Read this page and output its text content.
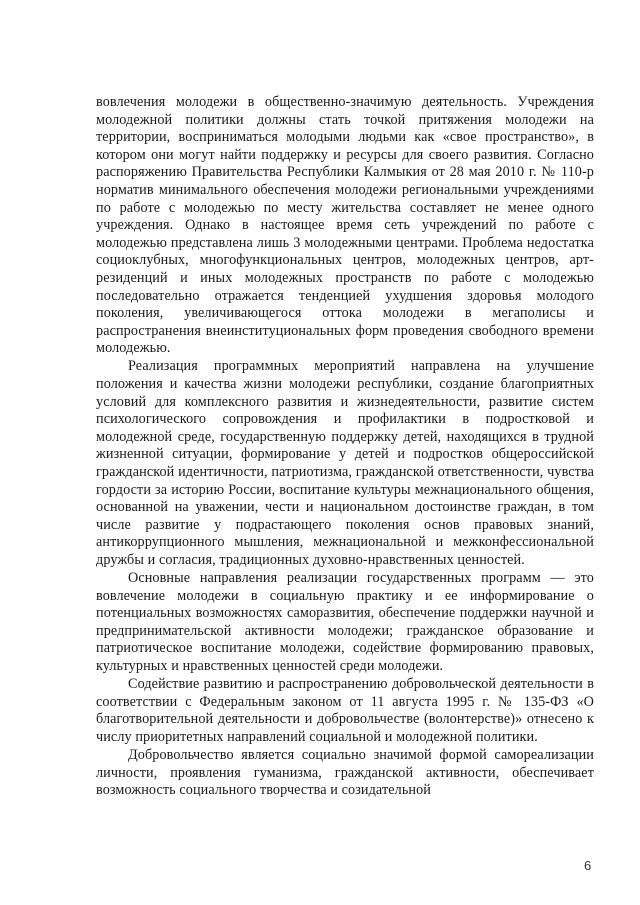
вовлечения молодежи в общественно-значимую деятельность. Учреждения молодежной политики должны стать точкой притяжения молодежи на территории, восприниматься молодыми людьми как «свое пространство», в котором они могут найти поддержку и ресурсы для своего развития. Согласно распоряжению Правительства Республики Калмыкия от 28 мая 2010 г. № 110-р норматив минимального обеспечения молодежи региональными учреждениями по работе с молодежью по месту жительства составляет не менее одного учреждения. Однако в настоящее время сеть учреждений по работе с молодежью представлена лишь 3 молодежными центрами. Проблема недостатка социоклубных, многофункциональных центров, молодежных центров, арт-резиденций и иных молодежных пространств по работе с молодежью последовательно отражается тенденцией ухудшения здоровья молодого поколения, увеличивающегося оттока молодежи в мегаполисы и распространения внеинституциональных форм проведения свободного времени молодежью.

Реализация программных мероприятий направлена на улучшение положения и качества жизни молодежи республики, создание благоприятных условий для комплексного развития и жизнедеятельности, развитие систем психологического сопровождения и профилактики в подростковой и молодежной среде, государственную поддержку детей, находящихся в трудной жизненной ситуации, формирование у детей и подростков общероссийской гражданской идентичности, патриотизма, гражданской ответственности, чувства гордости за историю России, воспитание культуры межнационального общения, основанной на уважении, чести и национальном достоинстве граждан, в том числе развитие у подрастающего поколения основ правовых знаний, антикоррупционного мышления, межнациональной и межконфессиональной дружбы и согласия, традиционных духовно-нравственных ценностей.

Основные направления реализации государственных программ — это вовлечение молодежи в социальную практику и ее информирование о потенциальных возможностях саморазвития, обеспечение поддержки научной и предпринимательской активности молодежи; гражданское образование и патриотическое воспитание молодежи, содействие формированию правовых, культурных и нравственных ценностей среди молодежи.

Содействие развитию и распространению добровольческой деятельности в соответствии с Федеральным законом от 11 августа 1995 г. № 135-ФЗ «О благотворительной деятельности и добровольчестве (волонтерстве)» отнесено к числу приоритетных направлений социальной и молодежной политики.

Добровольчество является социально значимой формой самореализации личности, проявления гуманизма, гражданской активности, обеспечивает возможность социального творчества и созидательной

6
